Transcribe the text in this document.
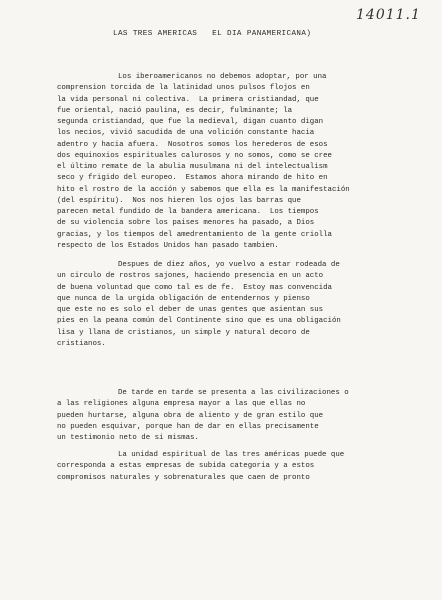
14011.1
LAS TRES AMERICAS   EL DIA PANAMERICANA)
Los iberoamericanos no debemos adoptar, por una
comprension torcida de la latinidad unos pulsos flojos en
la vida personal ni colectiva.  La primera cristiandad, que
fue oriental, nació paulina, es decir, fulminante; la
segunda cristiandad, que fue la medieval, digan cuanto digan
los necios, vivió sacudida de una volición constante hacia
adentro y hacia afuera.  Nosotros somos los herederos de esos
dos equinoxios espirituales calurosos y no somos, como se cree
el último remate de la abulia musulmana ni del intelectualism
seco y frigido del europeo.  Estamos ahora mirando de hito en
hito el rostro de la acción y sabemos que ella es la manifestación
(del espíritu).  Nos nos hieren los ojos las barras que
parecen metal fundido de la bandera americana.  Los tiempos
de su violencia sobre los paises menores ha pasado, a Dios
gracias, y los tiempos del amedrentamiento de la gente criolla
respecto de los Estados Unidos han pasado tambien.
Despues de diez años, yo vuelvo a estar rodeada de
un circulo de rostros sajones, haciendo presencia en un acto
de buena voluntad que como tal es de fe.  Estoy mas convencida
que nunca de la urgida obligación de entendernos y pienso
que este no es solo el deber de unas gentes que asientan sus
pies en la peana común del Continente sino que es una obligación
lisa y llana de cristianos, un simple y natural decoro de
cristianos.
De tarde en tarde se presenta a las civilizaciones o
a las religiones alguna empresa mayor a las que ellas no
pueden hurtarse, alguna obra de aliento y de gran estilo que
no pueden esquivar, porque han de dar en ellas precisamente
un testimonio neto de si mismas.
La unidad espiritual de las tres américas puede que
corresponda a estas empresas de subida categoria y a estos
compromisos naturales y sobrenaturales que caen de pronto
